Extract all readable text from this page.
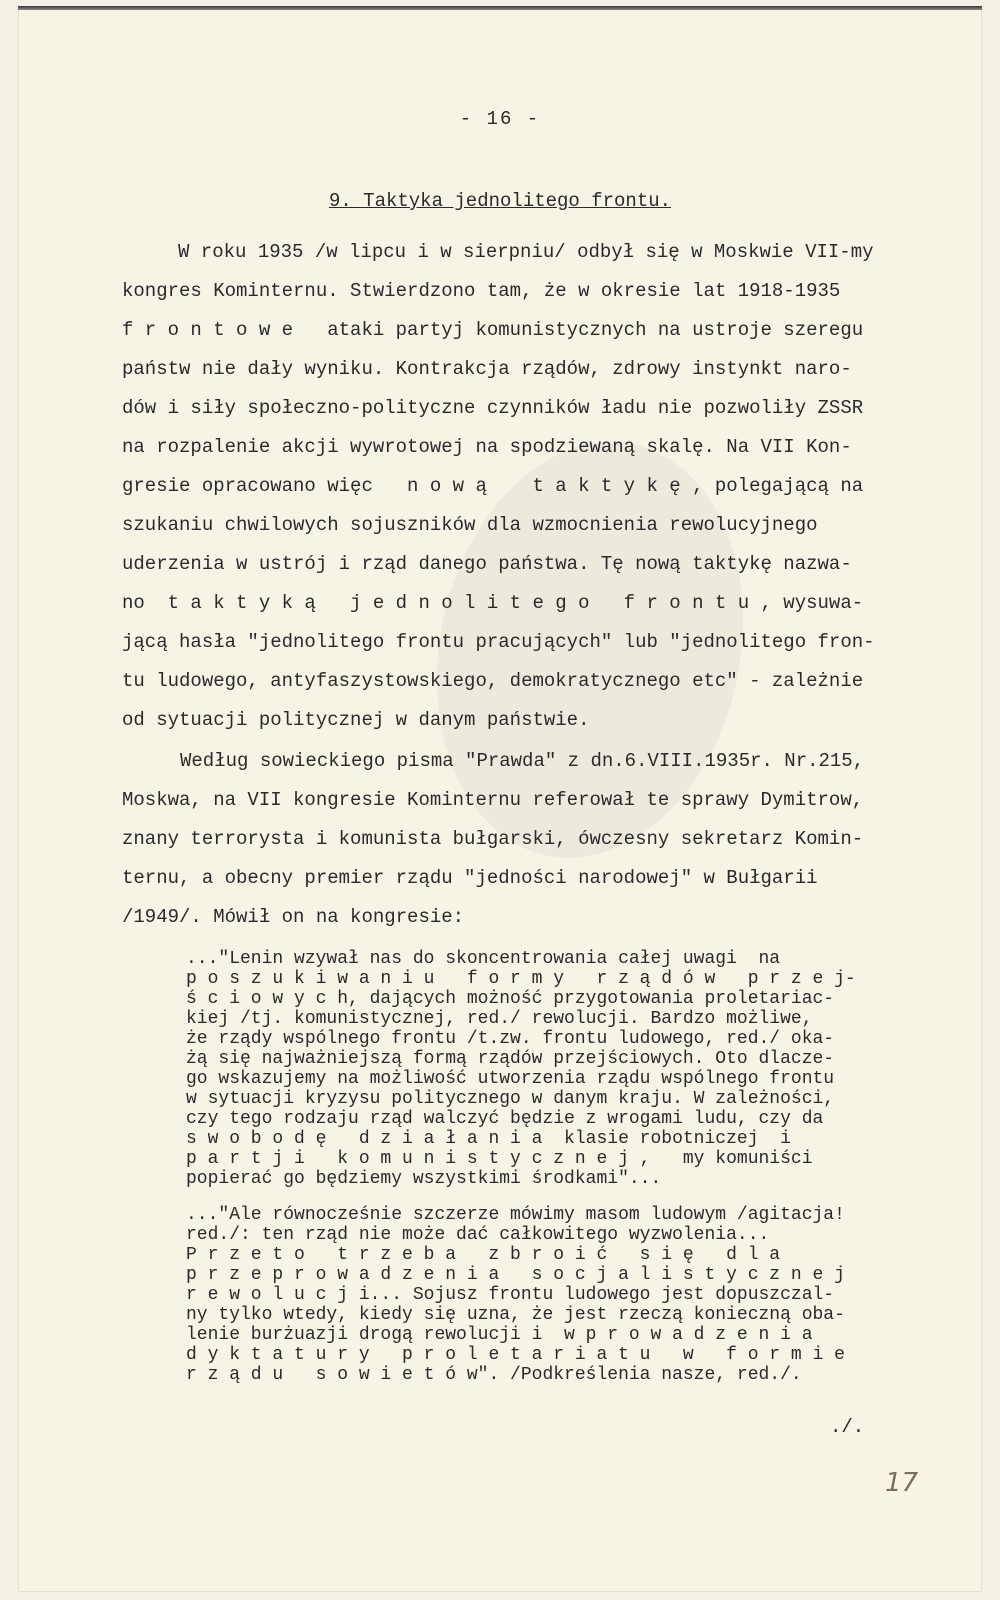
- 16 -
9. Taktyka jednolitego frontu.
W roku 1935 /w lipcu i w sierpniu/ odbył się w Moskwie VII-my
kongres Kominternu. Stwierdzono tam, że w okresie lat 1918-1935
f r o n t o w e   ataki partyj komunistycznych na ustroje szeregu
państw nie dały wyniku. Kontrakcja rządów, zdrowy instynkt naro-
dów i siły społeczno-polityczne czynników ładu nie pozwoliły ZSSR
na rozpalenie akcji wywrotowej na spodziewaną skalę. Na VII Kon-
gresie opracowano więc   n o w ą    t a k t y k ę , polegającą na
szukaniu chwilowych sojuszników dla wzmocnienia rewolucyjnego
uderzenia w ustrój i rząd danego państwa. Tę nową taktykę nazwa-
no  t a k t y k ą   j e d n o l i t e g o   f r o n t u , wysuwa-
jącą hasła "jednolitego frontu pracujących" lub "jednolitego fron-
tu ludowego, antyfaszystowskiego, demokratycznego etc" - zależnie
od sytuacji politycznej w danym państwie.
Według sowieckiego pisma "Prawda" z dn.6.VIII.1935r. Nr.215,
Moskwa, na VII kongresie Kominternu referował te sprawy Dymitrow,
znany terrorysta i komunista bułgarski, ówczesny sekretarz Komin-
ternu, a obecny premier rządu "jedności narodowej" w Bułgarii
/1949/. Mówił on na kongresie:
..."Lenin wzywał nas do skoncentrowania całej uwagi  na
p o s z u k i w a n i u   f o r m y   r z ą d ó w   p r z e j-
ś c i o w y c h, dających możność przygotowania proletariac-
kiej /tj. komunistycznej, red./ rewolucji. Bardzo możliwe,
że rządy wspólnego frontu /t.zw. frontu ludowego, red./ oka-
żą się najważniejszą formą rządów przejściowych. Oto dlacze-
go wskazujemy na możliwość utworzenia rządu wspólnego frontu
w sytuacji kryzysu politycznego w danym kraju. W zależności,
czy tego rodzaju rząd walczyć będzie z wrogami ludu, czy da
s w o b o d ę   d z i a ł a n i a  klasie robotniczej  i
p a r t j i   k o m u n i s t y c z n e j ,   my komuniści
popierać go będziemy wszystkimi środkami"...
..."Ale równocześnie szczerze mówimy masom ludowym /agitacja!
red./: ten rząd nie może dać całkowitego wyzwolenia...
P r z e t o   t r z e b a   z b r o i ć   s i ę   d l a
p r z e p r o w a d z e n i a   s o c j a l i s t y c z n e j
r e w o l u c j i... Sojusz frontu ludowego jest dopuszczal-
ny tylko wtedy, kiedy się uzna, że jest rzeczą konieczną oba-
lenie burżuazji drogą rewolucji i  w p r o w a d z e n i a
d y k t a t u r y   p r o l e t a r i a t u   w   f o r m i e
r z ą d u   s o w i e t ó w". /Podkreślenia nasze, red./.
./.
17
